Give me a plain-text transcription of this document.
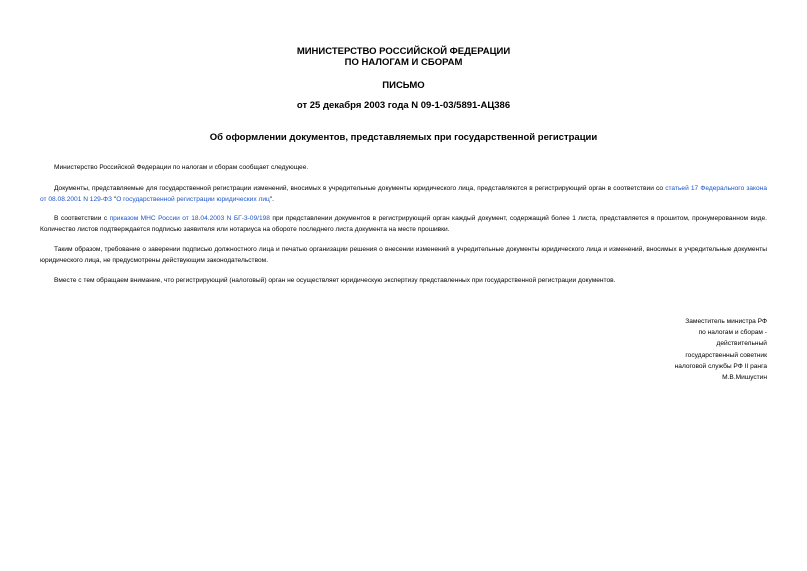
МИНИСТЕРСТВО РОССИЙСКОЙ ФЕДЕРАЦИИ
ПО НАЛОГАМ И СБОРАМ
ПИСЬМО
от 25 декабря 2003 года N 09-1-03/5891-АЦ386
Об оформлении документов, представляемых при государственной регистрации

Министерство Российской Федерации по налогам и сборам сообщает следующее.

Документы, представляемые для государственной регистрации изменений, вносимых в учредительные документы юридического лица, представляются в регистрирующий орган в соответствии со статьей 17 Федерального закона от 08.08.2001 N 129-ФЗ "О государственной регистрации юридических лиц".

В соответствии с приказом МНС России от 18.04.2003 N БГ-3-09/198 при представлении документов в регистрирующий орган каждый документ, содержащий более 1 листа, представляется в прошитом, пронумерованном виде. Количество листов подтверждается подписью заявителя или нотариуса на обороте последнего листа документа на месте прошивки.

Таким образом, требование о заверении подписью должностного лица и печатью организации решения о внесении изменений в учредительные документы юридического лица и изменений, вносимых в учредительные документы юридического лица, не предусмотрены действующим законодательством.

Вместе с тем обращаем внимание, что регистрирующий (налоговый) орган не осуществляет юридическую экспертизу представленных при государственной регистрации документов.

Заместитель министра РФ
по налогам и сборам -
действительный
государственный советник
налоговой службы РФ II ранга
М.В.Мишустин
